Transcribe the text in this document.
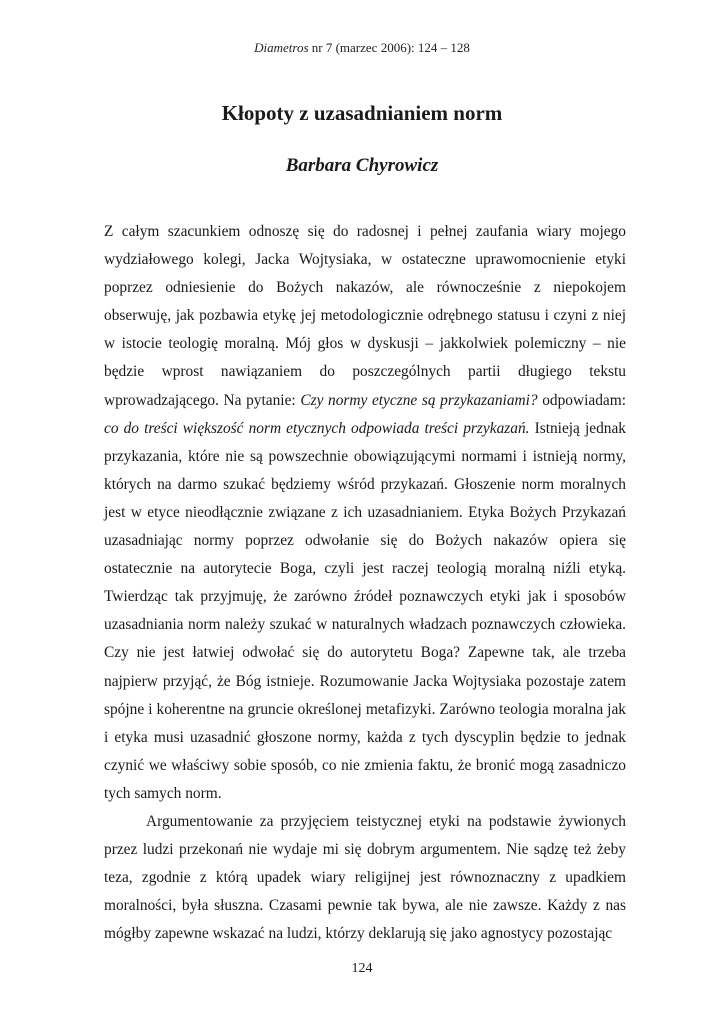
Diametros nr 7 (marzec 2006): 124 – 128
Kłopoty z uzasadnianiem norm
Barbara Chyrowicz

Z całym szacunkiem odnoszę się do radosnej i pełnej zaufania wiary mojego wydziałowego kolegi, Jacka Wojtysiaka, w ostateczne uprawomocnienie etyki poprzez odniesienie do Bożych nakazów, ale równocześnie z niepokojem obserwuję, jak pozbawia etykę jej metodologicznie odrębnego statusu i czyni z niej w istocie teologię moralną. Mój głos w dyskusji – jakkolwiek polemiczny – nie będzie wprost nawiązaniem do poszczególnych partii długiego tekstu wprowadzającego. Na pytanie: Czy normy etyczne są przykazaniami? odpowiadam: co do treści większość norm etycznych odpowiada treści przykazań. Istnieją jednak przykazania, które nie są powszechnie obowiązującymi normami i istnieją normy, których na darmo szukać będziemy wśród przykazań. Głoszenie norm moralnych jest w etyce nieodłącznie związane z ich uzasadnianiem. Etyka Bożych Przykazań uzasadniając normy poprzez odwołanie się do Bożych nakazów opiera się ostatecznie na autorytecie Boga, czyli jest raczej teologią moralną niźli etyką. Twierdząc tak przyjmuję, że zarówno źródeł poznawczych etyki jak i sposobów uzasadniania norm należy szukać w naturalnych władzach poznawczych człowieka. Czy nie jest łatwiej odwołać się do autorytetu Boga? Zapewne tak, ale trzeba najpierw przyjąć, że Bóg istnieje. Rozumowanie Jacka Wojtysiaka pozostaje zatem spójne i koherentne na gruncie określonej metafizyki. Zarówno teologia moralna jak i etyka musi uzasadnić głoszone normy, każda z tych dyscyplin będzie to jednak czynić we właściwy sobie sposób, co nie zmienia faktu, że bronić mogą zasadniczo tych samych norm.

Argumentowanie za przyjęciem teistycznej etyki na podstawie żywionych przez ludzi przekonań nie wydaje mi się dobrym argumentem. Nie sądzę też żeby teza, zgodnie z którą upadek wiary religijnej jest równoznaczny z upadkiem moralności, była słuszna. Czasami pewnie tak bywa, ale nie zawsze. Każdy z nas mógłby zapewne wskazać na ludzi, którzy deklarują się jako agnostycy pozostając

124
